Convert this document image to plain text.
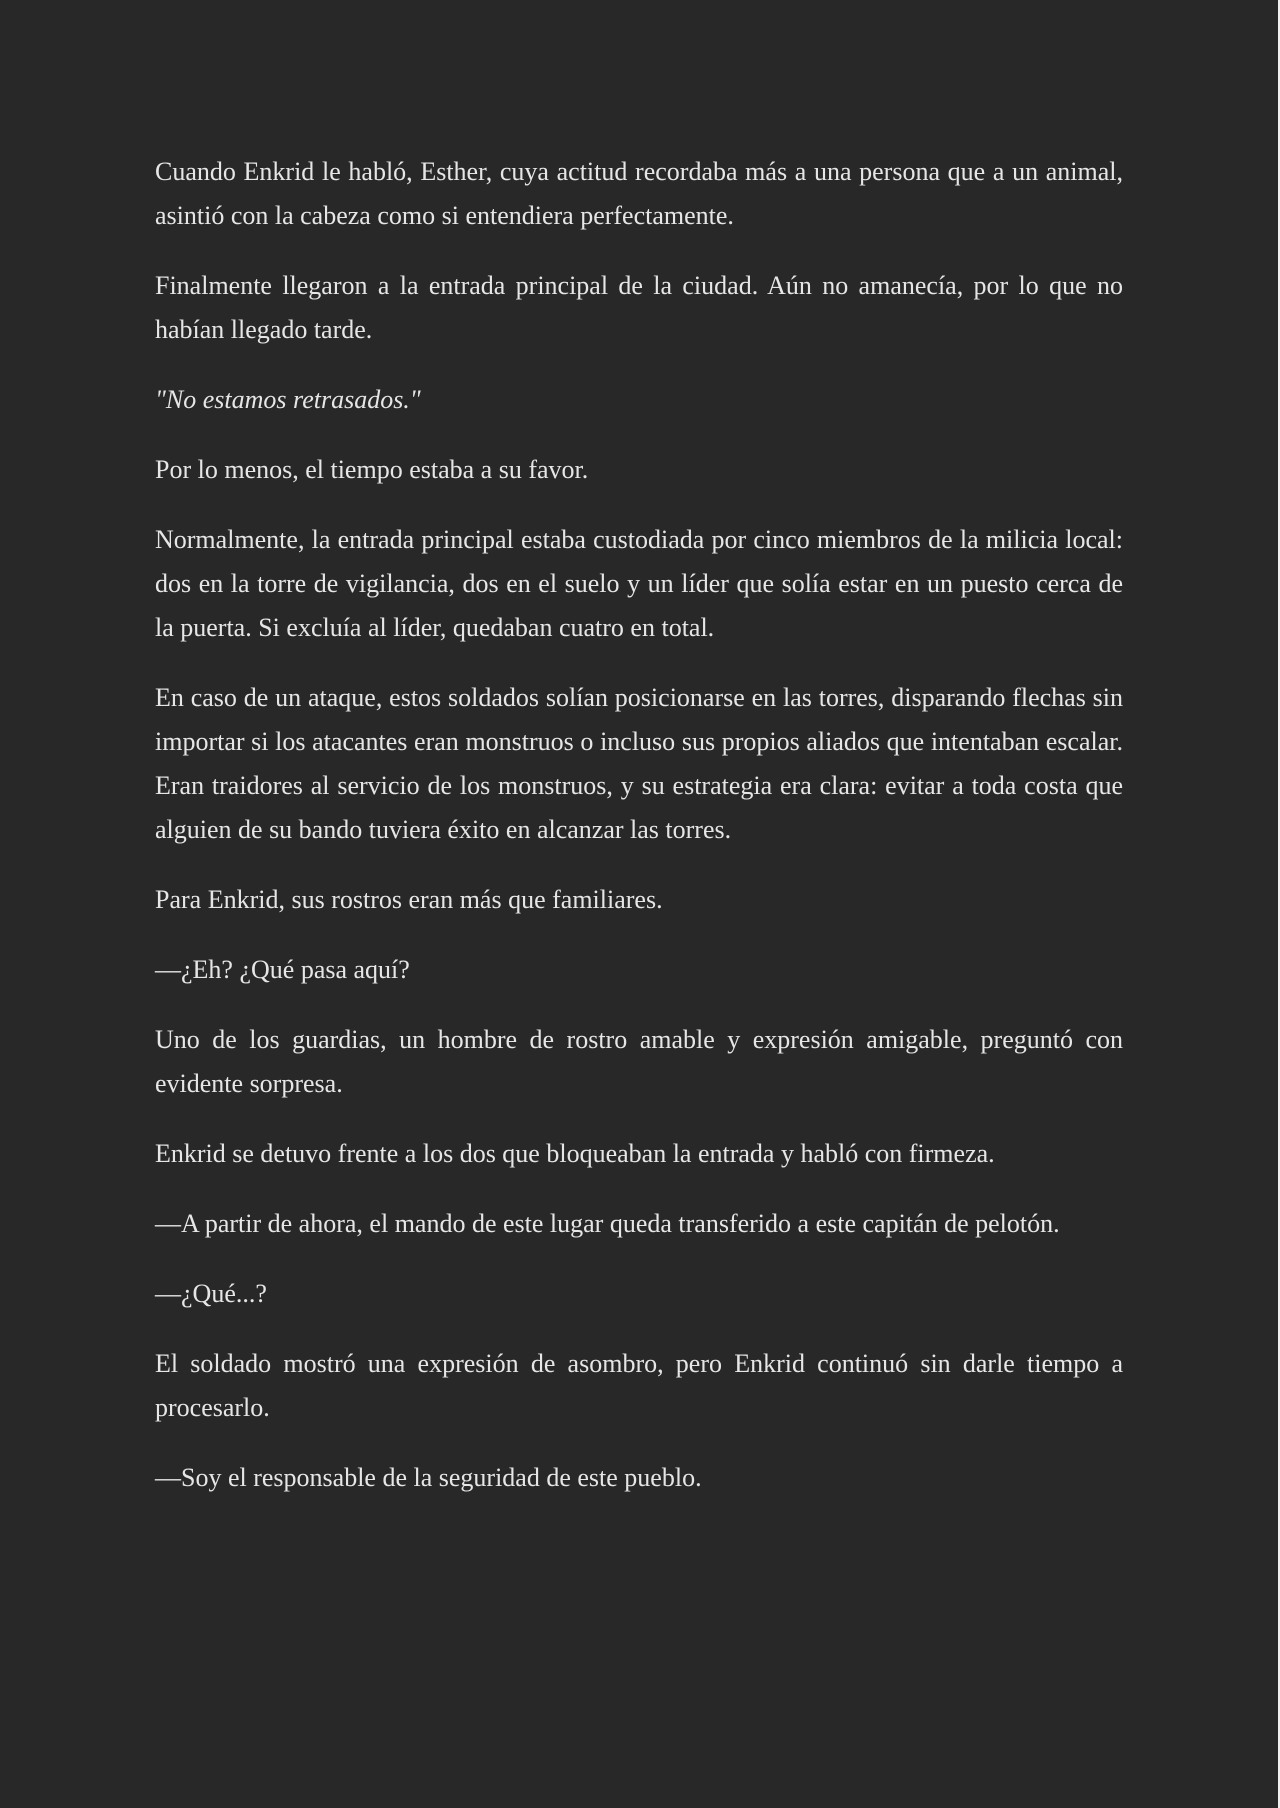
Cuando Enkrid le habló, Esther, cuya actitud recordaba más a una persona que a un animal, asintió con la cabeza como si entendiera perfectamente.

Finalmente llegaron a la entrada principal de la ciudad. Aún no amanecía, por lo que no habían llegado tarde.

"No estamos retrasados."

Por lo menos, el tiempo estaba a su favor.

Normalmente, la entrada principal estaba custodiada por cinco miembros de la milicia local: dos en la torre de vigilancia, dos en el suelo y un líder que solía estar en un puesto cerca de la puerta. Si excluía al líder, quedaban cuatro en total.

En caso de un ataque, estos soldados solían posicionarse en las torres, disparando flechas sin importar si los atacantes eran monstruos o incluso sus propios aliados que intentaban escalar. Eran traidores al servicio de los monstruos, y su estrategia era clara: evitar a toda costa que alguien de su bando tuviera éxito en alcanzar las torres.

Para Enkrid, sus rostros eran más que familiares.

—¿Eh? ¿Qué pasa aquí?

Uno de los guardias, un hombre de rostro amable y expresión amigable, preguntó con evidente sorpresa.

Enkrid se detuvo frente a los dos que bloqueaban la entrada y habló con firmeza.

—A partir de ahora, el mando de este lugar queda transferido a este capitán de pelotón.

—¿Qué...?

El soldado mostró una expresión de asombro, pero Enkrid continuó sin darle tiempo a procesarlo.

—Soy el responsable de la seguridad de este pueblo.
